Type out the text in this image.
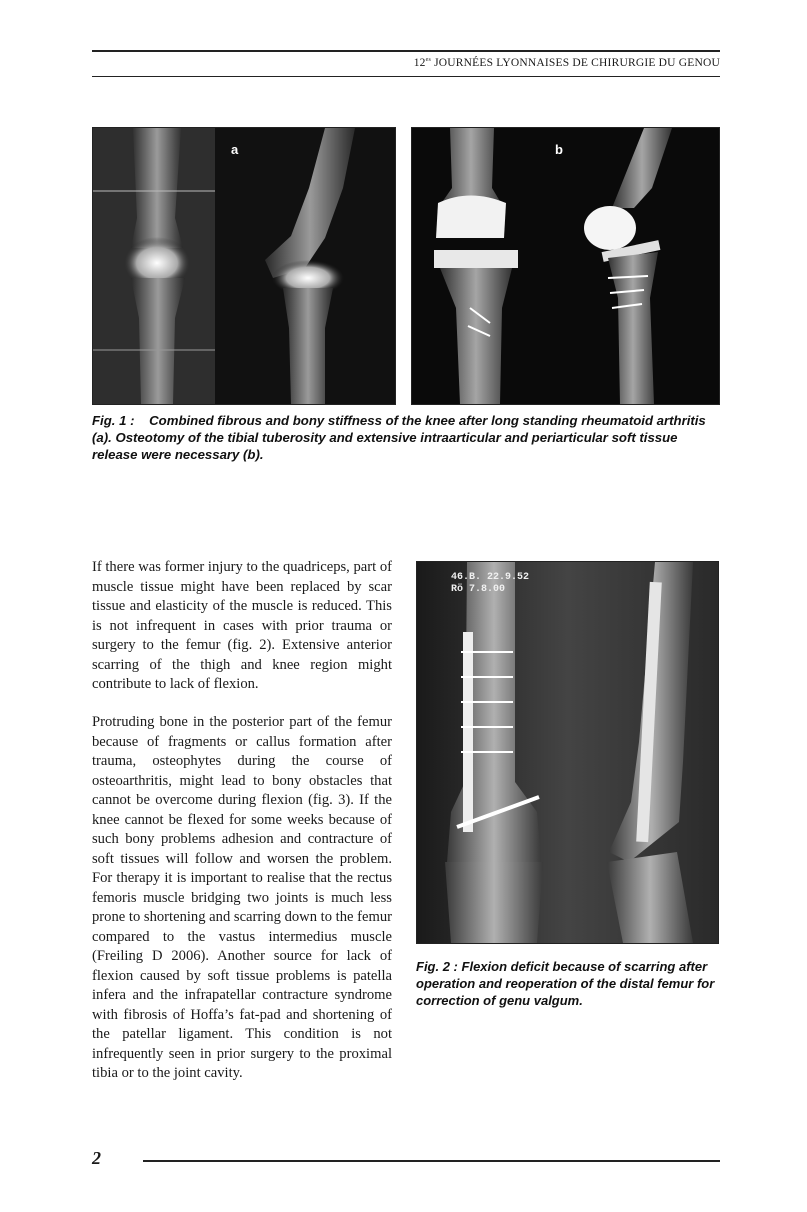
$12^{es}$ JOURNÉES LYONNAISES DE CHIRURGIE DU GENOU
a	b
Fig. 1 : Combined fibrous and bony stiffness of the knee after long standing rheumatoid arthritis (a). Osteotomy of the tibial tuberosity and extensive intraarticular and periarticular soft tissue release were necessary (b).

If there was former injury to the quadriceps, part of muscle tissue might have been replaced by scar tissue and elasticity of the muscle is reduced. This is not infrequent in cases with prior trauma or surgery to the femur (fig. 2). Extensive anterior scarring of the thigh and knee region might contribute to lack of flexion.

Protruding bone in the posterior part of the femur because of fragments or callus formation after trauma, osteophytes during the course of osteoarthritis, might lead to bony obstacles that cannot be overcome during flexion (fig. 3). If the knee cannot be flexed for some weeks because of such bony problems adhesion and contracture of soft tissues will follow and worsen the problem. For therapy it is important to realise that the rectus femoris muscle bridging two joints is much less prone to shortening and scarring down to the femur compared to the vastus intermedius muscle (Freiling D 2006). Another source for lack of flexion caused by soft tissue problems is patella infera and the infrapatellar contracture syndrome with fibrosis of Hoffa’s fat-pad and shortening of the patellar ligament. This condition is not infrequently seen in prior surgery to the proximal tibia or to the joint cavity.

46.B. 22.9.52
Rö 7.8.00
Fig. 2 : Flexion deficit because of scarring after operation and reoperation of the distal femur for correction of genu valgum.
2
